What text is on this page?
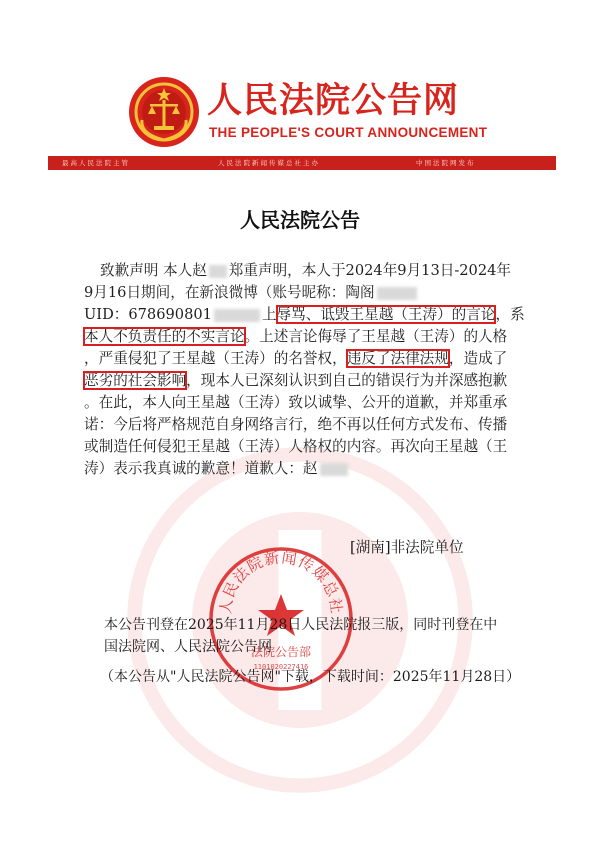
人民法院公告网
THE PEOPLE'S COURT ANNOUNCEMENT
最高人民法院主管	人民法院新闻传媒总社主办	中国法院网发布
人民法院公告
致歉声明 本人赵 郑重声明，本人于2024年9月13日-2024年
9月16日期间，在新浪微博（账号昵称：陶阁
UID：678690801	上辱骂、诋毁王星越（王涛）的言论，系
本人不负责任的不实言论。上述言论侮辱了王星越（王涛）的人格
，严重侵犯了王星越（王涛）的名誉权，违反了法律法规，造成了
恶劣的社会影响，现本人已深刻认识到自己的错误行为并深感抱歉
。在此，本人向王星越（王涛）致以诚挚、公开的道歉，并郑重承
诺：今后将严格规范自身网络言行，绝不再以任何方式发布、传播
或制造任何侵犯王星越（王涛）人格权的内容。再次向王星越（王
涛）表示我真诚的歉意！道歉人：赵
[湖南]非法院单位
人民法院新闻传媒总社
法院公告部
1101020227416
本公告刊登在2025年11月28日人民法院报三版，同时刊登在中
国法院网、人民法院公告网
（本公告从"人民法院公告网"下载，下载时间：2025年11月28日）
